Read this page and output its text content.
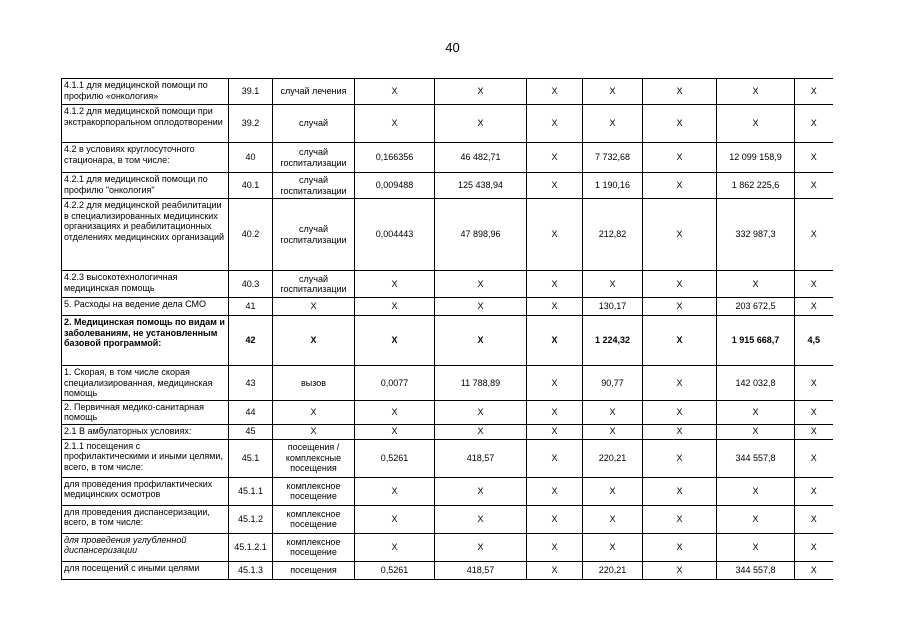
40
4.1.1 для медицинской помощи по профилю «онкология»	39.1	случай лечения	X	X	X	X	X	X	X
4.1.2 для медицинской помощи при экстракорпоральном оплодотворении	39.2	случай	X	X	X	X	X	X	X
4.2 в условиях круглосуточного стационара, в том числе:	40	случай госпитализации	0,166356	46 482,71	X	7 732,68	X	12 099 158,9	X
4.2.1 для медицинской помощи по профилю "онкология"	40.1	случай госпитализации	0,009488	125 438,94	X	1 190,16	X	1 862 225,6	X
4.2.2 для медицинской реабилитации в специализированных медицинских организациях и реабилитационных отделениях медицинских организаций	40.2	случай госпитализации	0,004443	47 898,96	X	212,82	X	332 987,3	X
4.2.3 высокотехнологичная медицинская помощь	40.3	случай госпитализации	X	X	X	X	X	X	X
5. Расходы на ведение дела СМО	41	X	X	X	X	130,17	X	203 672,5	X
2. Медицинская помощь по видам и заболеваниям, не установленным базовой программой:	42	X	X	X	X	1 224,32	X	1 915 668,7	4,5
1. Скорая, в том числе скорая специализированная, медицинская помощь	43	вызов	0,0077	11 788,89	X	90,77	X	142 032,8	X
2. Первичная медико-санитарная помощь	44	X	X	X	X	X	X	X	X
2.1 В амбулаторных условиях:	45	X	X	X	X	X	X	X	X
2.1.1 посещения с профилактическими и иными целями, всего, в том числе:	45.1	посещения / комплексные посещения	0,5261	418,57	X	220,21	X	344 557,8	X
для проведения профилактических медицинских осмотров	45.1.1	комплексное посещение	X	X	X	X	X	X	X
для проведения диспансеризации, всего, в том числе:	45.1.2	комплексное посещение	X	X	X	X	X	X	X
для проведения углубленной диспансеризации	45.1.2.1	комплексное посещение	X	X	X	X	X	X	X
для посещений с иными целями	45.1.3	посещения	0,5261	418,57	X	220,21	X	344 557,8	X
